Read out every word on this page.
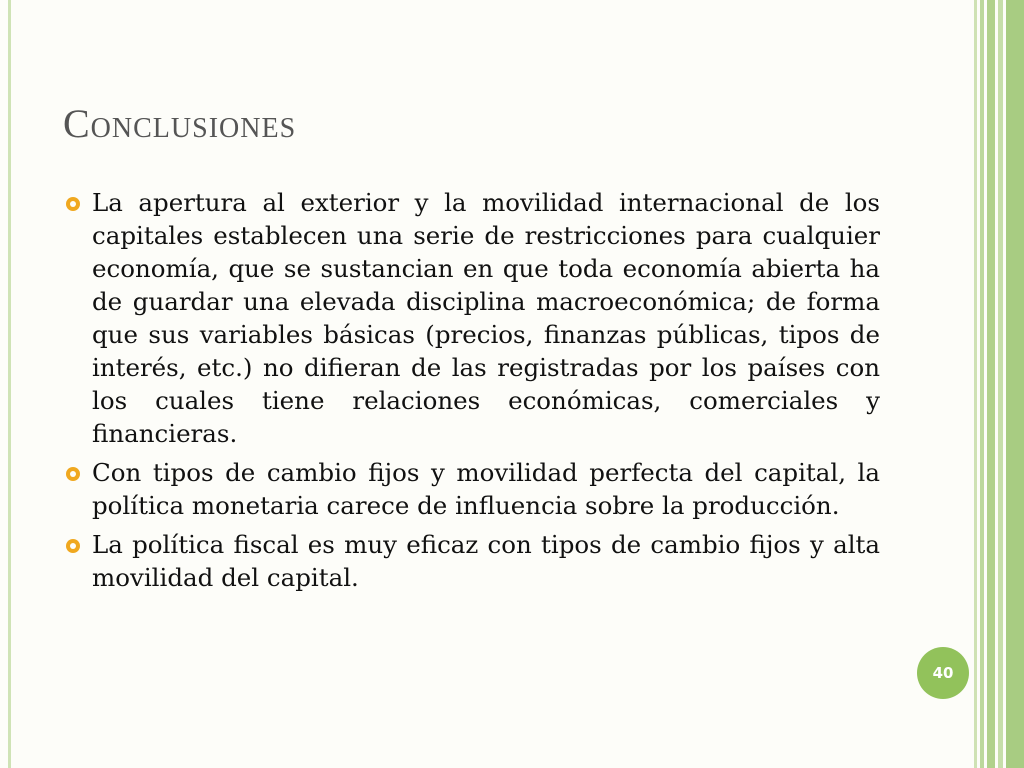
Conclusiones
La apertura al exterior y la movilidad internacional de los capitales establecen una serie de restricciones para cualquier economía, que se sustancian en que toda economía abierta ha de guardar una elevada disciplina macroeconómica; de forma que sus variables básicas (precios, finanzas públicas, tipos de interés, etc.) no difieran de las registradas por los países con los cuales tiene relaciones económicas, comerciales y financieras.
Con tipos de cambio fijos y movilidad perfecta del capital, la política monetaria carece de influencia sobre la producción.
La política fiscal es muy eficaz con tipos de cambio fijos y alta movilidad del capital.
40
